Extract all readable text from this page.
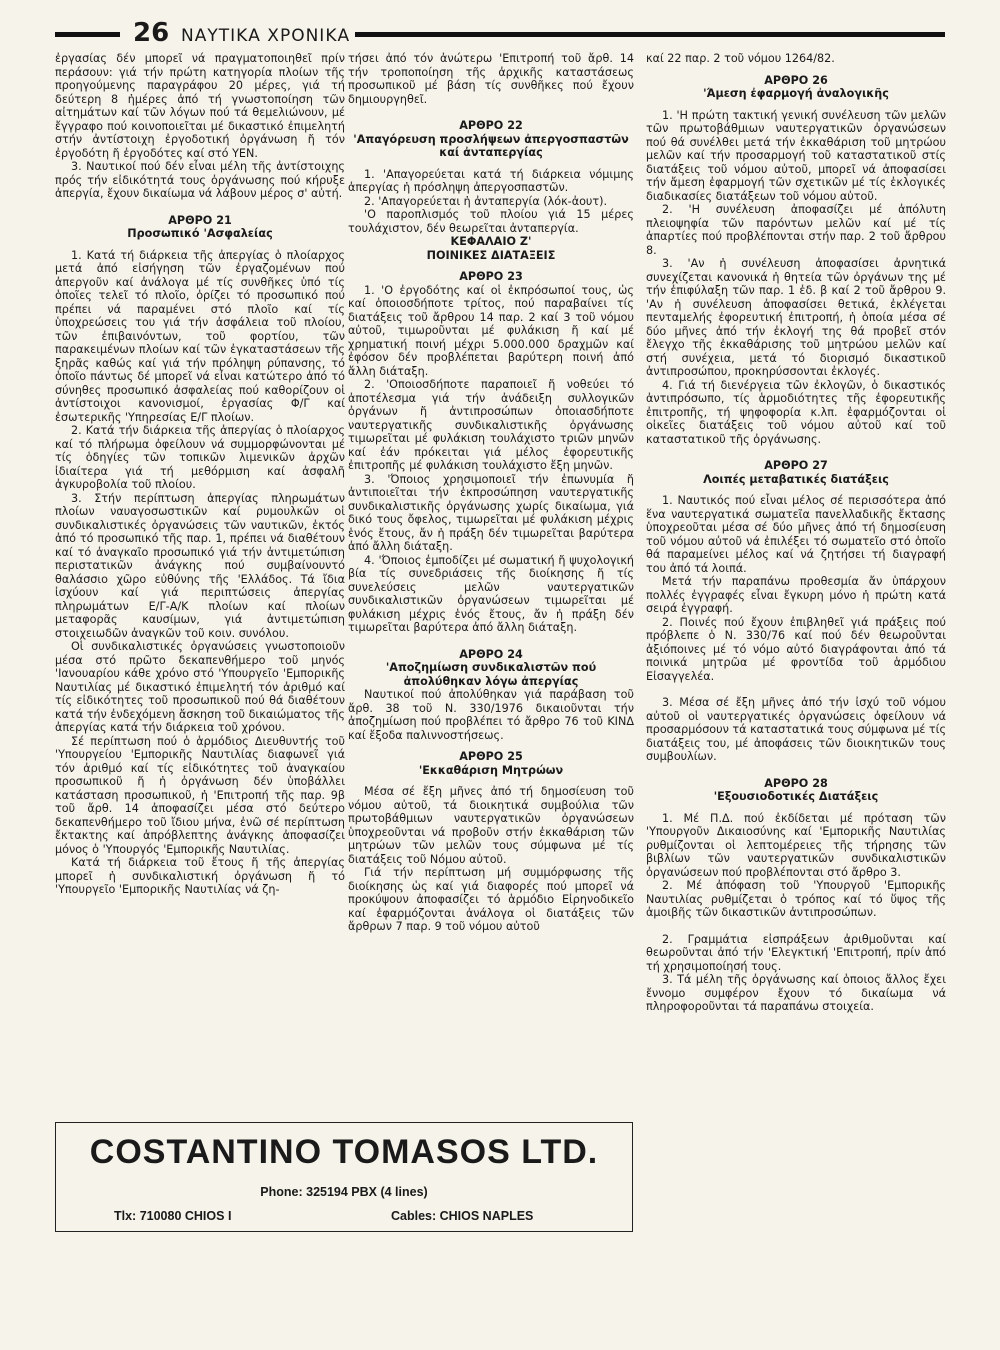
26 ΝΑΥΤΙΚΑ ΧΡΟΝΙΚΑ

ἐργασίας δέν μπορεῖ νά πραγματοποιηθεῖ πρίν περάσουν: γιά τήν πρώτη κατηγορία πλοίων τῆς προηγούμενης παραγράφου 20 μέρες, γιά τή δεύτερη 8 ἡμέρες ἀπό τή γνωστοποίηση τῶν αἰτημάτων καί τῶν λόγων πού τά θεμελιώνουν, μέ ἔγγραφο πού κοινοποιεῖται μέ δικαστικό ἐπιμελητή στήν ἀντίστοιχη ἐργοδοτική ὀργάνωση ἤ τόν ἐργοδότη ἤ ἐργοδότες καί στό ΥΕΝ.

3. Ναυτικοί πού δέν εἶναι μέλη τῆς ἀντίστοιχης πρός τήν εἰδικότητά τους ὀργάνωσης πού κήρυξε ἀπεργία, ἔχουν δικαίωμα νά λάβουν μέρος σ' αὐτή.

ΑΡΘΡΟ 21

Προσωπικό 'Ασφαλείας

1. Κατά τή διάρκεια τῆς ἀπεργίας ὁ πλοίαρχος μετά ἀπό εἰσήγηση τῶν ἐργαζομένων πού ἀπεργοῦν καί ἀνάλογα μέ τίς συνθῆκες ὑπό τίς ὁποῖες τελεῖ τό πλοῖο, ὁρίζει τό προσωπικό πού πρέπει νά παραμένει στό πλοῖο καί τίς ὑποχρεώσεις του γιά τήν ἀσφάλεια τοῦ πλοίου, τῶν ἐπιβαινόντων, τοῦ φορτίου, τῶν παρακειμένων πλοίων καί τῶν ἐγκαταστάσεων τῆς ξηρᾶς καθώς καί γιά τήν πρόληψη ρύπανσης, τό ὁποῖο πάντως δέ μπορεῖ νά εἶναι κατώτερο ἀπό τό σύνηθες προσωπικό ἀσφαλείας πού καθορίζουν οἱ ἀντίστοιχοι κανονισμοί, ἐργασίας Φ/Γ καί ἐσωτερικῆς 'Υπηρεσίας Ε/Γ πλοίων.

2. Κατά τήν διάρκεια τῆς ἀπεργίας ὁ πλοίαρχος καί τό πλήρωμα ὀφείλουν νά συμμορφώνονται μέ τίς ὁδηγίες τῶν τοπικῶν λιμενικῶν ἀρχῶν ἰδιαίτερα γιά τή μεθόρμιση καί ἀσφαλῆ ἀγκυροβολία τοῦ πλοίου.

3. Στήν περίπτωση ἀπεργίας πληρωμάτων πλοίων ναυαγοσωστικῶν καί ρυμουλκῶν οἱ συνδικαλιστικές ὀργανώσεις τῶν ναυτικῶν, ἐκτός ἀπό τό προσωπικό τῆς παρ. 1, πρέπει νά διαθέτουν καί τό ἀναγκαῖο προσωπικό γιά τήν ἀντιμετώπιση περιστατικῶν ἀνάγκης πού συμβαίνουντό θαλάσσιο χῶρο εὐθύνης τῆς 'Ελλάδος. Τά ἴδια ἰσχύουν καί γιά περιπτώσεις ἀπεργίας πληρωμάτων Ε/Γ-Α/Κ πλοίων καί πλοίων μεταφορᾶς καυσίμων, γιά ἀντιμετώπιση στοιχειωδῶν ἀναγκῶν τοῦ κοιν. συνόλου.

Οἱ συνδικαλιστικές ὀργανώσεις γνωστοποιοῦν μέσα στό πρῶτο δεκαπενθήμερο τοῦ μηνός 'Ιανουαρίου κάθε χρόνο στό 'Υπουργεῖο 'Εμπορικῆς Ναυτιλίας μέ δικαστικό ἐπιμελητή τόν ἀριθμό καί τίς εἰδικότητες τοῦ προσωπικοῦ πού θά διαθέτουν κατά τήν ἐνδεχόμενη ἄσκηση τοῦ δικαιώματος τῆς ἀπεργίας κατά τήν διάρκεια τοῦ χρόνου.

Σέ περίπτωση πού ὁ ἁρμόδιος Διευθυντής τοῦ 'Υπουργείου 'Εμπορικῆς Ναυτιλίας διαφωνεῖ γιά τόν ἀριθμό καί τίς εἰδικότητες τοῦ ἀναγκαίου προσωπικοῦ ἤ ἡ ὀργάνωση δέν ὑποβάλλει κατάσταση προσωπικοῦ, ἡ 'Επιτροπή τῆς παρ. 9β τοῦ ἄρθ. 14 ἀποφασίζει μέσα στό δεύτερο δεκαπενθήμερο τοῦ ἴδιου μήνα, ἐνῶ σέ περίπτωση ἔκτακτης καί ἀπρόβλεπτης ἀνάγκης ἀποφασίζει μόνος ὁ 'Υπουργός 'Εμπορικῆς Ναυτιλίας.

Κατά τή διάρκεια τοῦ ἔτους ἤ τῆς ἀπεργίας μπορεῖ ἡ συνδικαλιστική ὀργάνωση ἤ τό 'Υπουργεῖο 'Εμπορικῆς Ναυτιλίας νά ζη-

τήσει ἀπό τόν ἀνώτερω 'Επιτροπή τοῦ ἄρθ. 14 τήν τροποποίηση τῆς ἀρχικῆς καταστάσεως προσωπικοῦ μέ βάση τίς συνθῆκες πού ἔχουν δημιουργηθεῖ.

ΑΡΘΡΟ 22

'Απαγόρευση προσλήψεων ἀπεργοσπαστῶν καί ἀνταπεργίας

1. 'Απαγορεύεται κατά τή διάρκεια νόμιμης ἀπεργίας ἡ πρόσληψη ἀπεργοσπαστῶν.

2. 'Απαγορεύεται ἡ ἀνταπεργία (λόκ-ἀουτ).

'Ο παροπλισμός τοῦ πλοίου γιά 15 μέρες τουλάχιστον, δέν θεωρεῖται ἀνταπεργία.

ΚΕΦΑΛΑΙΟ Ζ'

ΠΟΙΝΙΚΕΣ ΔΙΑΤΑΞΕΙΣ

ΑΡΘΡΟ 23

1. 'Ο ἐργοδότης καί οἱ ἐκπρόσωποί τους, ὡς καί ὁποιοσδήποτε τρίτος, πού παραβαίνει τίς διατάξεις τοῦ ἄρθρου 14 παρ. 2 καί 3 τοῦ νόμου αὐτοῦ, τιμωροῦνται μέ φυλάκιση ἤ καί μέ χρηματική ποινή μέχρι 5.000.000 δραχμῶν καί ἐφόσον δέν προβλέπεται βαρύτερη ποινή ἀπό ἄλλη διάταξη.

2. 'Οποιοσδήποτε παραποιεῖ ἤ νοθεύει τό ἀποτέλεσμα γιά τήν ἀνάδειξη συλλογικῶν ὀργάνων ἤ ἀντιπροσώπων ὁποιασδήποτε ναυτεργατικῆς συνδικαλιστικῆς ὀργάνωσης τιμωρεῖται μέ φυλάκιση τουλάχιστο τριῶν μηνῶν καί ἐάν πρόκειται γιά μέλος ἐφορευτικῆς ἐπιτροπῆς μέ φυλάκιση τουλάχιστο ἔξη μηνῶν.

3. 'Όποιος χρησιμοποιεῖ τήν ἐπωνυμία ἤ ἀντιποιεῖται τήν ἐκπροσώπηση ναυτεργατικῆς συνδικαλιστικῆς ὀργάνωσης χωρίς δικαίωμα, γιά δικό τους ὄφελος, τιμωρεῖται μέ φυλάκιση μέχρις ἑνός ἔτους, ἄν ἡ πράξη δέν τιμωρεῖται βαρύτερα ἀπό ἄλλη διάταξη.

4. 'Όποιος ἐμποδίζει μέ σωματική ἤ ψυχολογική βία τίς συνεδριάσεις τῆς διοίκησης ἤ τίς συνελεύσεις μελῶν ναυτεργατικῶν συνδικαλιστικῶν ὀργανώσεων τιμωρεῖται μέ φυλάκιση μέχρις ἑνός ἔτους, ἄν ἡ πράξη δέν τιμωρεῖται βαρύτερα ἀπό ἄλλη διάταξη.

ΑΡΘΡΟ 24

'Αποζημίωση συνδικαλιστῶν πού ἀπολύθηκαν λόγω ἀπεργίας

Ναυτικοί πού ἀπολύθηκαν γιά παράβαση τοῦ ἄρθ. 38 τοῦ Ν. 330/1976 δικαιοῦνται τήν ἀποζημίωση πού προβλέπει τό ἄρθρο 76 τοῦ ΚΙΝΔ καί ἔξοδα παλιννοστήσεως.

ΑΡΘΡΟ 25

'Εκκαθάριση Μητρώων

Μέσα σέ ἔξη μῆνες ἀπό τή δημοσίευση τοῦ νόμου αὐτοῦ, τά διοικητικά συμβούλια τῶν πρωτοβάθμιων ναυτεργατικῶν ὀργανώσεων ὑποχρεοῦνται νά προβοῦν στήν ἐκκαθάριση τῶν μητρώων τῶν μελῶν τους σύμφωνα μέ τίς διατάξεις τοῦ Νόμου αὐτοῦ.

Γιά τήν περίπτωση μή συμμόρφωσης τῆς διοίκησης ὡς καί γιά διαφορές πού μπορεῖ νά προκύψουν ἀποφασίζει τό ἁρμόδιο Εἰρηνοδικεῖο καί ἐφαρμόζονται ἀνάλογα οἱ διατάξεις τῶν ἄρθρων 7 παρ. 9 τοῦ νόμου αὐτοῦ

καί 22 παρ. 2 τοῦ νόμου 1264/82.

ΑΡΘΡΟ 26

'Άμεση ἐφαρμογή ἀναλογικῆς

1. 'Η πρώτη τακτική γενική συνέλευση τῶν μελῶν τῶν πρωτοβάθμιων ναυτεργατικῶν ὀργανώσεων πού θά συνέλθει μετά τήν ἐκκαθάριση τοῦ μητρώου μελῶν καί τήν προσαρμογή τοῦ καταστατικοῦ στίς διατάξεις τοῦ νόμου αὐτοῦ, μπορεῖ νά ἀποφασίσει τήν ἄμεση ἐφαρμογή τῶν σχετικῶν μέ τίς ἐκλογικές διαδικασίες διατάξεων τοῦ νόμου αὐτοῦ.

2. 'Η συνέλευση ἀποφασίζει μέ ἀπόλυτη πλειοψηφία τῶν παρόντων μελῶν καί μέ τίς ἀπαρτίες πού προβλέπονται στήν παρ. 2 τοῦ ἄρθρου 8.

3. 'Αν ἡ συνέλευση ἀποφασίσει ἀρνητικά συνεχίζεται κανονικά ἡ θητεία τῶν ὀργάνων της μέ τήν ἐπιφύλαξη τῶν παρ. 1 ἐδ. β καί 2 τοῦ ἄρθρου 9. 'Αν ἡ συνέλευση ἀποφασίσει θετικά, ἐκλέγεται πενταμελής ἐφορευτική ἐπιτροπή, ἡ ὁποία μέσα σέ δύο μῆνες ἀπό τήν ἐκλογή της θά προβεῖ στόν ἔλεγχο τῆς ἐκκαθάρισης τοῦ μητρώου μελῶν καί στή συνέχεια, μετά τό διορισμό δικαστικοῦ ἀντιπροσώπου, προκηρύσσονται ἐκλογές.

4. Γιά τή διενέργεια τῶν ἐκλογῶν, ὁ δικαστικός ἀντιπρόσωπο, τίς ἁρμοδιότητες τῆς ἐφορευτικῆς ἐπιτροπῆς, τή ψηφοφορία κ.λπ. ἐφαρμόζονται οἱ οἰκεῖες διατάξεις τοῦ νόμου αὐτοῦ καί τοῦ καταστατικοῦ τῆς ὀργάνωσης.

ΑΡΘΡΟ 27

Λοιπές μεταβατικές διατάξεις

1. Ναυτικός πού εἶναι μέλος σέ περισσότερα ἀπό ἕνα ναυτεργατικά σωματεῖα πανελλαδικῆς ἔκτασης ὑποχρεοῦται μέσα σέ δύο μῆνες ἀπό τή δημοσίευση τοῦ νόμου αὐτοῦ νά ἐπιλέξει τό σωματεῖο στό ὁποῖο θά παραμείνει μέλος καί νά ζητήσει τή διαγραφή του ἀπό τά λοιπά.

Μετά τήν παραπάνω προθεσμία ἄν ὑπάρχουν πολλές ἐγγραφές εἶναι ἔγκυρη μόνο ἡ πρώτη κατά σειρά ἐγγραφή.

2. Ποινές πού ἔχουν ἐπιβληθεῖ γιά πράξεις πού πρόβλεπε ὁ Ν. 330/76 καί πού δέν θεωροῦνται ἀξιόποινες μέ τό νόμο αὐτό διαγράφονται ἀπό τά ποινικά μητρῶα μέ φροντίδα τοῦ ἁρμόδιου Εἰσαγγελέα.

3. Μέσα σέ ἔξη μῆνες ἀπό τήν ἰσχύ τοῦ νόμου αὐτοῦ οἱ ναυτεργατικές ὀργανώσεις ὀφείλουν νά προσαρμόσουν τά καταστατικά τους σύμφωνα μέ τίς διατάξεις του, μέ ἀποφάσεις τῶν διοικητικῶν τους συμβουλίων.

ΑΡΘΡΟ 28

'Εξουσιοδοτικές Διατάξεις

1. Μέ Π.Δ. πού ἐκδίδεται μέ πρόταση τῶν 'Υπουργοῦν Δικαιοσύνης καί 'Εμπορικῆς Ναυτιλίας ρυθμίζονται οἱ λεπτομέρειες τῆς τήρησης τῶν βιβλίων τῶν ναυτεργατικῶν συνδικαλιστικῶν ὀργανώσεων πού προβλέπονται στό ἄρθρο 3.

2. Μέ ἀπόφαση τοῦ 'Υπουργοῦ 'Εμπορικῆς Ναυτιλίας ρυθμίζεται ὁ τρόπος καί τό ὕψος τῆς ἀμοιβῆς τῶν δικαστικῶν ἀντιπροσώπων.

2. Γραμμάτια εἰσπράξεων ἀριθμοῦνται καί θεωροῦνται ἀπό τήν 'Ελεγκτική 'Επιτροπή, πρίν ἀπό τή χρησιμοποίησή τους.

3. Τά μέλη τῆς ὀργάνωσης καί ὁποιος ἄλλος ἔχει ἔννομο συμφέρον ἔχουν τό δικαίωμα νά πληροφοροῦνται τά παραπάνω στοιχεία.

COSTANTINO TOMASOS LTD.
Phone: 325194 PBX (4 lines)
Tlx: 710080 CHIOS I	Cables: CHIOS NAPLES
